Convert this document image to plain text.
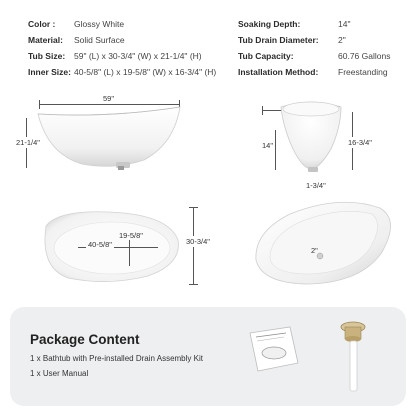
Color : Glossy White
Material: Solid Surface
Tub Size: 59" (L) x 30-3/4" (W) x 21-1/4" (H)
Inner Size: 40-5/8" (L) x 19-5/8" (W) x 16-3/4" (H)
Soaking Depth:	14"
Tub Drain Diameter: 2"
Tub Capacity:	60.76 Gallons
Installation Method: Freestanding
59"
21-1/4"	14"	16-3/4"
1-3/4"
40-5/8"
19-5/8"
30-3/4"
2"
Package Content
1 x Bathtub with Pre-installed Drain Assembly Kit
1 x User Manual
